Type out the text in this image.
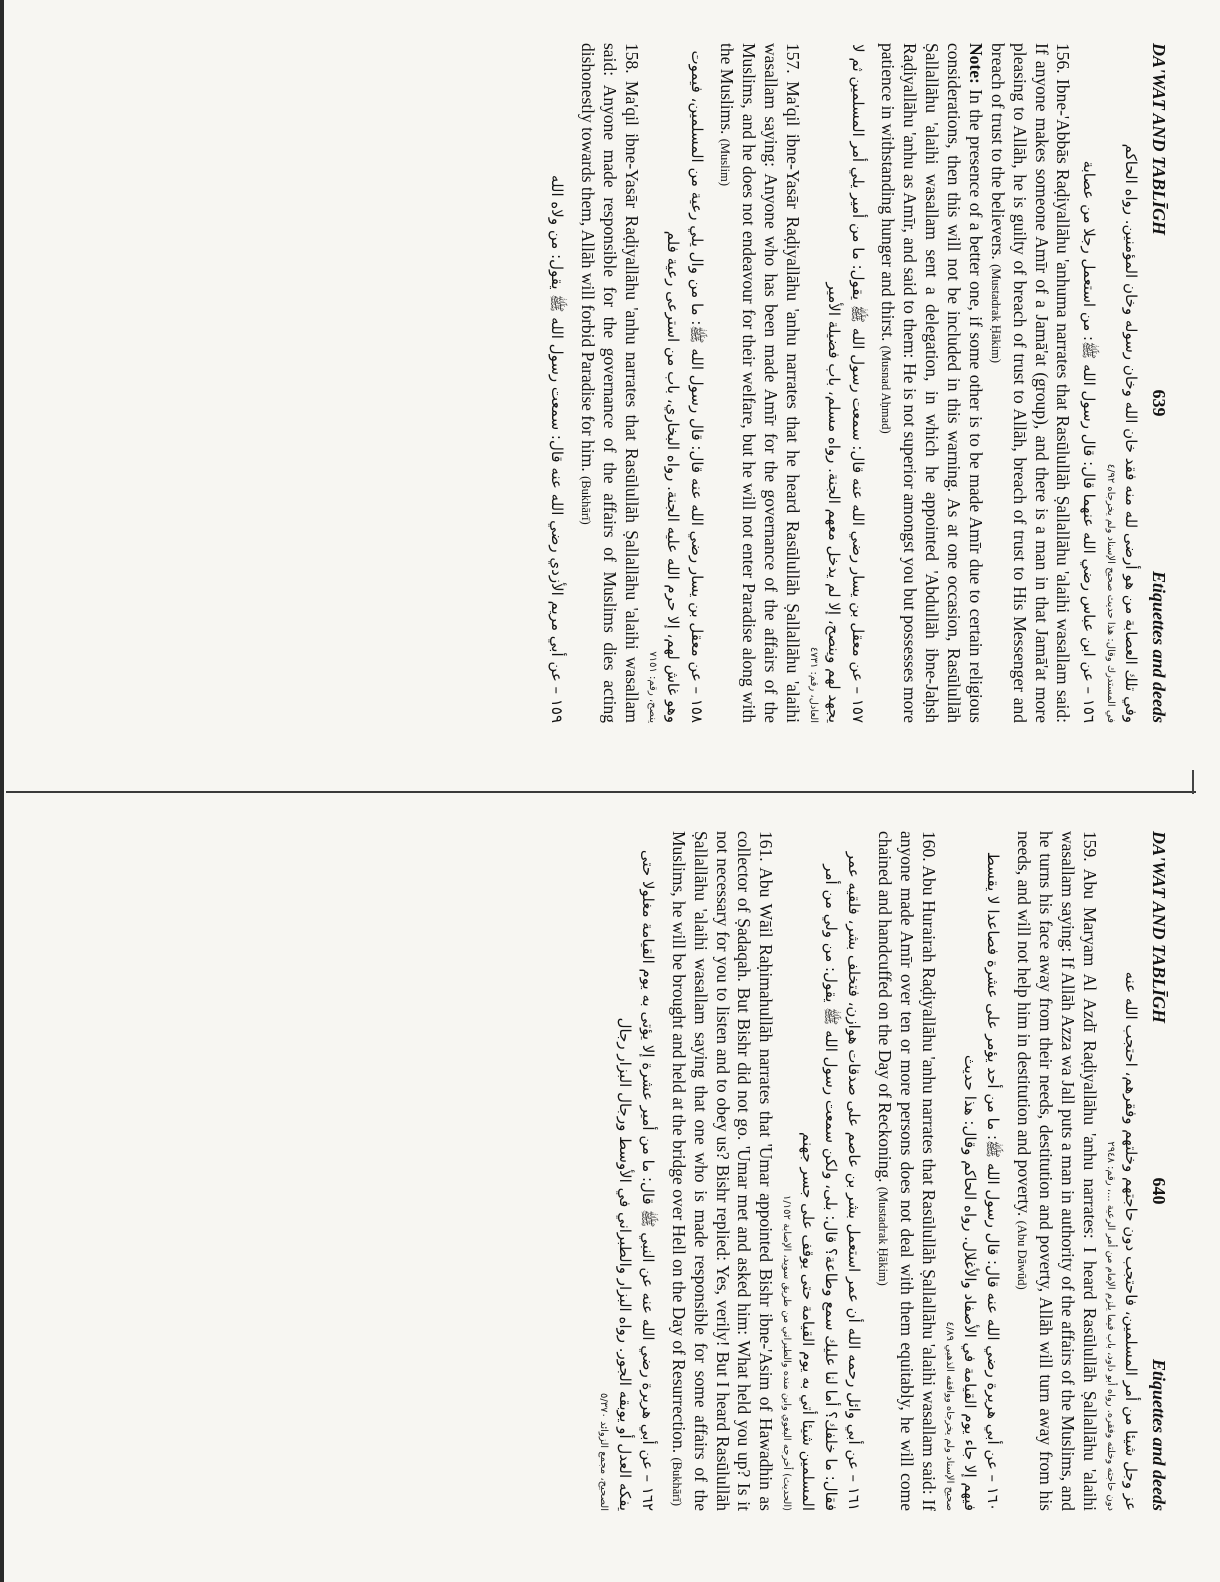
DA'WAT AND TABLĪGH
639
Etiquettes and deeds

وفي تلك العصابة من هو أرضى لله منه فقد خان الله وخان رسوله وخان المؤمنين. رواه الحاكم

في المستدرك وقال: هذا حديث صحيح الإسناد ولم يخرجاه ٤/٩٢

١٥٦ – عن ابن عباس رضي الله عنهما قال: قال رسول الله ﷺ: من استعمل رجلا من عصابة

156. Ibne-'Abbās Raḍiyallāhu 'anhuma narrates that Rasūlullāh Ṣallallāhu 'alaihi wasallam said: If anyone makes someone Amīr of a Jamā'at (group), and there is a man in that Jamā'at more pleasing to Allāh, he is guilty of breach of trust to Allāh, breach of trust to His Messenger and breach of trust to the believers. (Mustadrak Ḥākim)
Note: In the presence of a better one, if some other is to be made Amīr due to certain religious considerations, then this will not be included in this warning. As at one occasion, Rasūlullāh Ṣallallāhu 'alaihi wasallam sent a delegation, in which he appointed 'Abdullāh ibne-Jaḥsh Raḍiyallāhu 'anhu as Amīr, and said to them: He is not superior amongst you but possesses more patience in withstanding hunger and thirst. (Musnad Aḥmad)

١٥٧ – عن معقل بن يسار رضي الله عنه قال: سمعت رسول الله ﷺ يقول: ما من أمير يلي أمر المسلمين ثم لا يجهد لهم وينصح، إلا لم يدخل معهم الجنة. رواه مسلم، باب فضيلة الأمير

العادل، رقم: ٤٧٣١

157. Ma'qil ibne-Yasār Raḍiyallāhu 'anhu narrates that he heard Rasūlullāh Ṣallallāhu 'alaihi wasallam saying: Anyone who has been made Amīr for the governance of the affairs of the Muslims, and he does not endeavour for their welfare, but he will not enter Paradise along with the Muslims. (Muslim)

١٥٨ – عن معقل بن يسار رضي الله عنه قال: قال رسول الله ﷺ: ما من وال يلي رعية من المسلمين، فيموت وهو غاش لهم، إلا حرم الله عليه الجنة. رواه البخاري، باب من استرعى رعية فلم

ينصح، رقم: ٧١٥١

158. Ma'qil ibne-Yasār Raḍiyallāhu 'anhu narrates that Rasūlullāh Ṣallallāhu 'alaihi wasallam said: Anyone made responsible for the governance of the affairs of Muslims dies acting dishonestly towards them, Allāh will forbid Paradise for him. (Bukhārī)

١٥٩ – عن أبي مريم الأزدي رضي الله عنه قال: سمعت رسول الله ﷺ يقول: من ولاه الله

DA'WAT AND TABLĪGH
640
Etiquettes and deeds

عز وجل شيئا من أمر المسلمين، فاحتجب دون حاجتهم وخلتهم وفقرهم، احتجب الله عنه

دون حاجته وخلته وفقره. رواه أبو داود، باب فيما يلزم الإمام من أمر الرعية ...، رقم: ٢٩٤٨

159. Abu Maryam Al Azdī Raḍiyallāhu 'anhu narrates: I heard Rasūlullāh Ṣallallāhu 'alaihi wasallam saying: If Allāh Azza wa Jall puts a man in authority of the affairs of the Muslims, and he turns his face away from their needs, destitution and poverty, Allāh will turn away from his needs, and will not help him in destitution and poverty. (Abu Dāwūd)

١٦٠ – عن أبي هريرة رضي الله عنه قال: قال رسول الله ﷺ: ما من أحد يؤمر على عشرة فصاعدا لا يقسط فيهم إلا جاء يوم القيامة في الأصفاد والأغلال. رواه الحاكم وقال: هذا حديث

صحيح الإسناد ولم يخرجاه ووافقه الذهبي ٤/٨٩

160. Abu Hurairah Raḍiyallāhu 'anhu narrates that Rasūlullāh Ṣallallāhu 'alaihi wasallam said: If anyone made Amīr over ten or more persons does not deal with them equitably, he will come chained and handcuffed on the Day of Reckoning. (Mustadrak Ḥākim)

١٦١ – عن أبي وائل رحمه الله أن عمر استعمل بشر بن عاصم على صدقات هوازن، فتخلف بشر، فلقيه عمر فقال: ما خلفك؟ أما لنا عليك سمع وطاعة؟ قال: بلى، ولكن سمعت رسول الله ﷺ يقول: من ولي من أمر المسلمين شيئا أتي به يوم القيامة حتى يوقف على جسر جهنم

(الحديث) أخرجه البغوي وابن منده والطبراني من طريق سويد، الإصابة ١/١٥٢

161. Abu Wāil Raḥimahullāh narrates that 'Umar appointed Bishr ibne-'Asim of Hawadhin as collector of Ṣadaqah. But Bishr did not go. 'Umar met and asked him: What held you up? Is it not necessary for you to listen and to obey us? Bishr replied: Yes, verily! But I heard Rasūlullāh Ṣallallāhu 'alaihi wasallam saying that one who is made responsible for some affairs of the Muslims, he will be brought and held at the bridge over Hell on the Day of Resurrection. (Bukhārī)

١٦٢ – عن أبي هريرة رضي الله عنه عن النبي ﷺ قال: ما من أمير عشرة إلا يؤتى به يوم القيامة مغلولا حتى يفكه العدل أو يوبقه الجور. رواه البزار والطبراني في الأوسط ورجال البزار رجال

الصحيح، مجمع الزوائد ٥/٣٧٠
